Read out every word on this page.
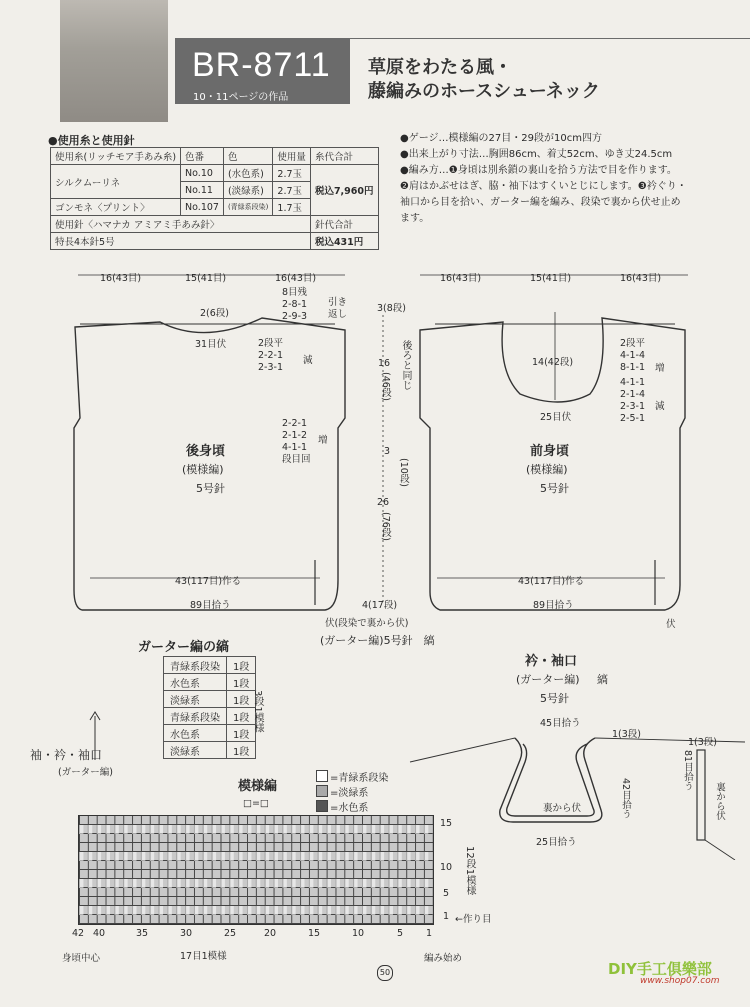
BR-8711
10・11ページの作品
草原をわたる風・
藤編みのホースシューネック
●使用糸と使用針
使用糸(リッチモア手あみ糸)	色番	色	使用量	糸代合計
シルクムーリネ	No.10	(水色系)	2.7玉	税込7,960円
	No.11	(淡緑系)	2.7玉	
ゴンモネ〈プリント〉	No.107	(青緑系段染)	1.7玉	
使用針〈ハマナカ アミアミ手あみ針〉				針代合計
特長4本針5号				税込431円
●ゲージ…模様編の27目・29段が10cm四方
●出来上がり寸法…胸囲86cm、着丈52cm、ゆき丈24.5cm
●編み方…❶身頃は別糸鎖の裏山を拾う方法で目を作ります。
❷肩はかぶせはぎ、脇・袖下はすくいとじにします。❸衿ぐり・
袖口から目を拾い、ガーター編を編み、段染で裏から伏せ止め
ます。
16(43目)	15(41目)	16(43目)	16(43目)	15(41目)	16(43目)
2(6段)
31目伏
8目残
2-8-1
2-9-3
引き返し
2段平
2-2-1
2-3-1
減
2-2-1
2-1-2
4-1-1
段目回
増
後身頃
(模様編)
5号針
43(117目)作る
89目拾う
3(8段)
16
(46段) 後ろと同じ
3
(10段)
26
(76段)
4(17段)
伏(段染で裏から伏)
(ガーター編)5号針　縞
14(42段)
25目伏
2段平
4-1-4
8-1-1 増
4-1-1
2-1-4
2-3-1
2-5-1
減
前身頃
(模様編)
5号針
43(117目)作る
89目拾う
伏
ガーター編の縞
青緑系段染	1段
水色系	1段
淡緑系	1段
青緑系段染	1段
水色系	1段
淡緑系	1段
3段1模様
袖・衿・袖口
(ガーター編)
衿・袖口
(ガーター編) 縞
5号針
45目拾う
1(3段)
42目拾う
裏から伏
25目拾う
1(3段)
81目拾う
裏から伏
模様編
=青緑系段染
=淡緑系
=水色系
□=□
15
10
5
1
12段1模様
←作り目
42 40	35	30	25	20	15	10	5 1
17目1模様
身頃中心	編み始め
50	DIY手工俱樂部
www.shop07.com
